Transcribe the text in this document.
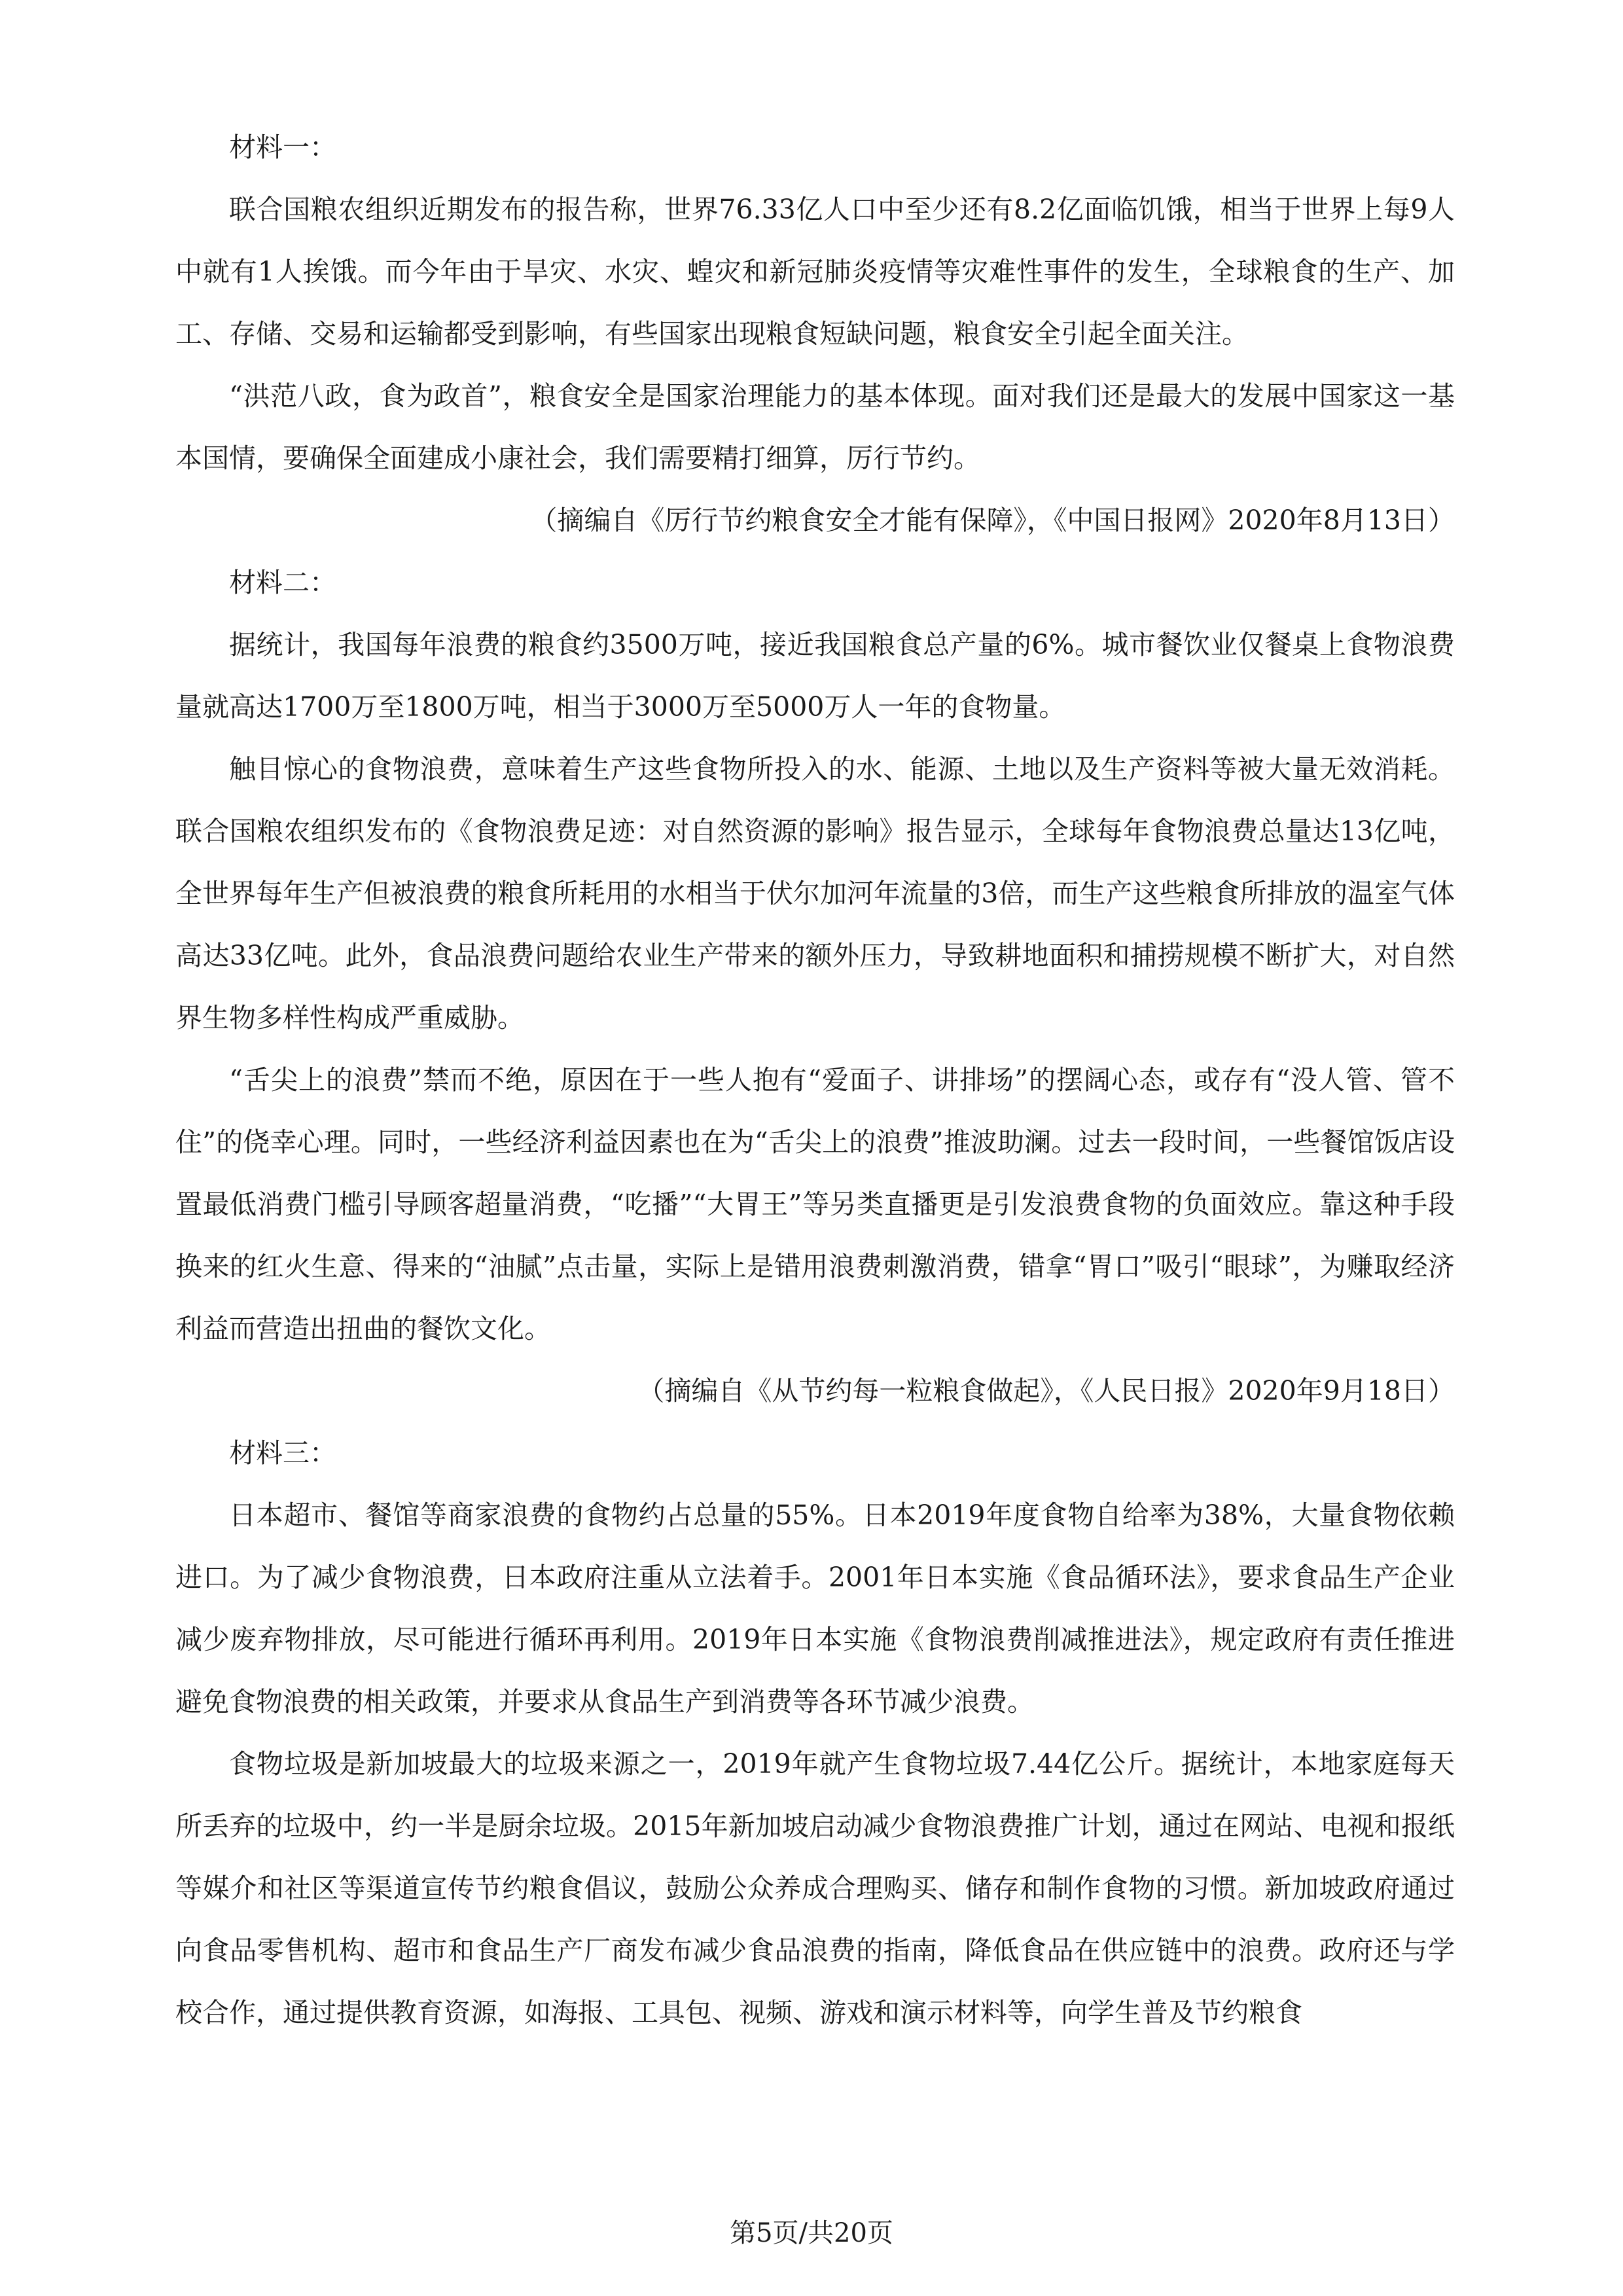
材料一：

联合国粮农组织近期发布的报告称，世界76.33亿人口中至少还有8.2亿面临饥饿，相当于世界上每9人中就有1人挨饿。而今年由于旱灾、水灾、蝗灾和新冠肺炎疫情等灾难性事件的发生，全球粮食的生产、加工、存储、交易和运输都受到影响，有些国家出现粮食短缺问题，粮食安全引起全面关注。

“洪范八政，食为政首”，粮食安全是国家治理能力的基本体现。面对我们还是最大的发展中国家这一基本国情，要确保全面建成小康社会，我们需要精打细算，厉行节约。

（摘编自《厉行节约粮食安全才能有保障》，《中国日报网》2020年8月13日）

材料二：

据统计，我国每年浪费的粮食约3500万吨，接近我国粮食总产量的6%。城市餐饮业仅餐桌上食物浪费量就高达1700万至1800万吨，相当于3000万至5000万人一年的食物量。

触目惊心的食物浪费，意味着生产这些食物所投入的水、能源、土地以及生产资料等被大量无效消耗。联合国粮农组织发布的《食物浪费足迹：对自然资源的影响》报告显示，全球每年食物浪费总量达13亿吨，全世界每年生产但被浪费的粮食所耗用的水相当于伏尔加河年流量的3倍，而生产这些粮食所排放的温室气体高达33亿吨。此外，食品浪费问题给农业生产带来的额外压力，导致耕地面积和捕捞规模不断扩大，对自然界生物多样性构成严重威胁。

“舌尖上的浪费”禁而不绝，原因在于一些人抱有“爱面子、讲排场”的摆阔心态，或存有“没人管、管不住”的侥幸心理。同时，一些经济利益因素也在为“舌尖上的浪费”推波助澜。过去一段时间，一些餐馆饭店设置最低消费门槛引导顾客超量消费，“吃播”“大胃王”等另类直播更是引发浪费食物的负面效应。靠这种手段换来的红火生意、得来的“油腻”点击量，实际上是错用浪费刺激消费，错拿“胃口”吸引“眼球”，为赚取经济利益而营造出扭曲的餐饮文化。

（摘编自《从节约每一粒粮食做起》，《人民日报》2020年9月18日）

材料三：

日本超市、餐馆等商家浪费的食物约占总量的55%。日本2019年度食物自给率为38%，大量食物依赖进口。为了减少食物浪费，日本政府注重从立法着手。2001年日本实施《食品循环法》，要求食品生产企业减少废弃物排放，尽可能进行循环再利用。2019年日本实施《食物浪费削减推进法》，规定政府有责任推进避免食物浪费的相关政策，并要求从食品生产到消费等各环节减少浪费。

食物垃圾是新加坡最大的垃圾来源之一，2019年就产生食物垃圾7.44亿公斤。据统计，本地家庭每天所丢弃的垃圾中，约一半是厨余垃圾。2015年新加坡启动减少食物浪费推广计划，通过在网站、电视和报纸等媒介和社区等渠道宣传节约粮食倡议，鼓励公众养成合理购买、储存和制作食物的习惯。新加坡政府通过向食品零售机构、超市和食品生产厂商发布减少食品浪费的指南，降低食品在供应链中的浪费。政府还与学校合作，通过提供教育资源，如海报、工具包、视频、游戏和演示材料等，向学生普及节约粮食

第5页/共20页
